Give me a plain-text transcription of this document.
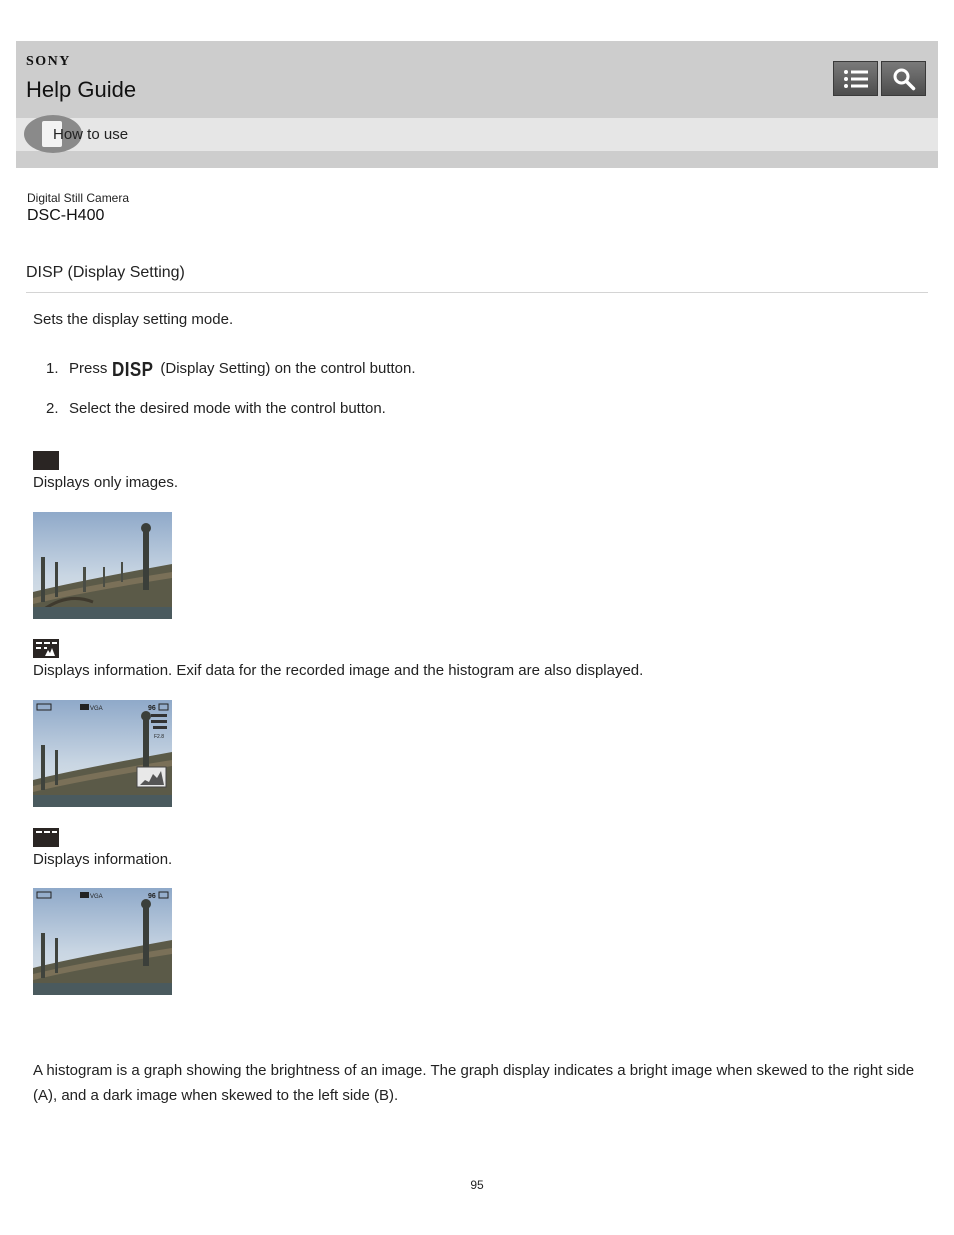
SONY
Help Guide
How to use
Digital Still Camera
DSC-H400
DISP (Display Setting)
Sets the display setting mode.
1. Press DISP (Display Setting) on the control button.
2. Select the desired mode with the control button.
Displays only images.
Displays information. Exif data for the recorded image and the histogram are also displayed.
VGA	96
F2.8
Displays information.
VGA	96
A histogram is a graph showing the brightness of an image. The graph display indicates a bright image when skewed to the right side (A), and a dark image when skewed to the left side (B).
95
